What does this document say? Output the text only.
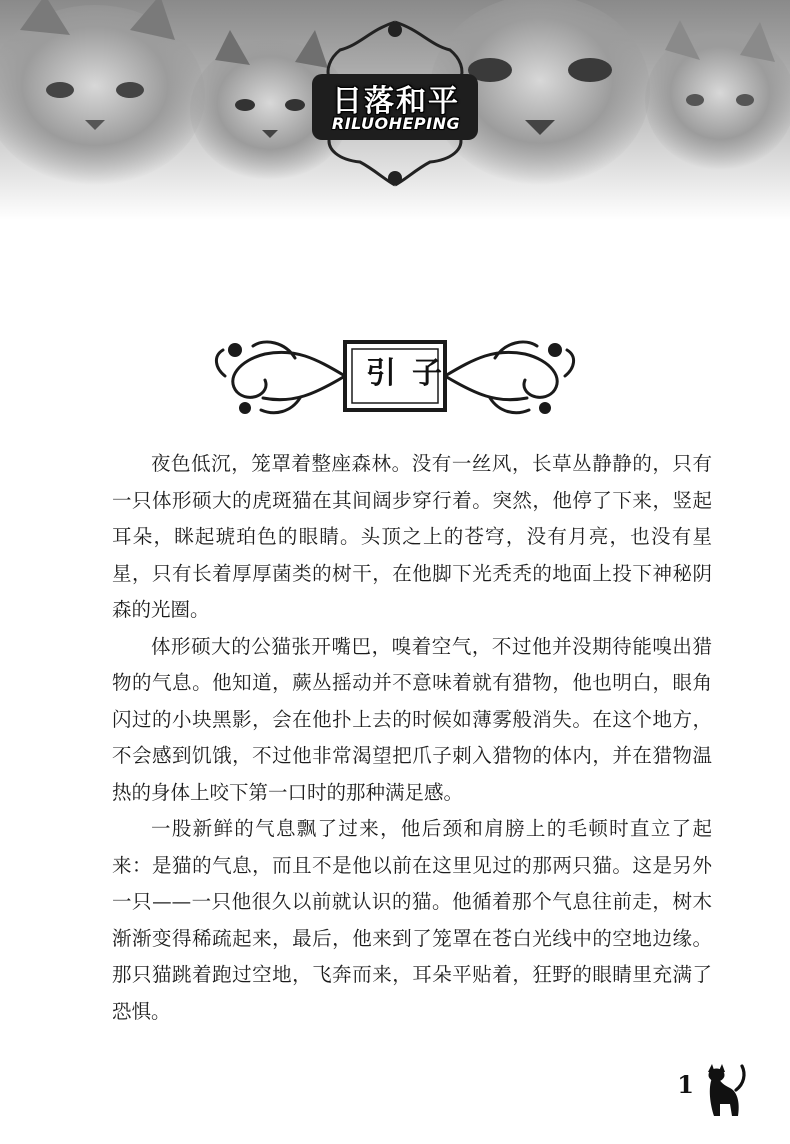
日落和平
RILUOHEPING
引子

夜色低沉，笼罩着整座森林。没有一丝风，长草丛静静的，只有一只体形硕大的虎斑猫在其间阔步穿行着。突然，他停了下来，竖起耳朵，眯起琥珀色的眼睛。头顶之上的苍穹，没有月亮，也没有星星，只有长着厚厚菌类的树干，在他脚下光秃秃的地面上投下神秘阴森的光圈。

体形硕大的公猫张开嘴巴，嗅着空气，不过他并没期待能嗅出猎物的气息。他知道，蕨丛摇动并不意味着就有猎物，他也明白，眼角闪过的小块黑影，会在他扑上去的时候如薄雾般消失。在这个地方，不会感到饥饿，不过他非常渴望把爪子刺入猎物的体内，并在猎物温热的身体上咬下第一口时的那种满足感。

一股新鲜的气息飘了过来，他后颈和肩膀上的毛顿时直立了起来：是猫的气息，而且不是他以前在这里见过的那两只猫。这是另外一只——一只他很久以前就认识的猫。他循着那个气息往前走，树木渐渐变得稀疏起来，最后，他来到了笼罩在苍白光线中的空地边缘。那只猫跳着跑过空地，飞奔而来，耳朵平贴着，狂野的眼睛里充满了恐惧。

1
